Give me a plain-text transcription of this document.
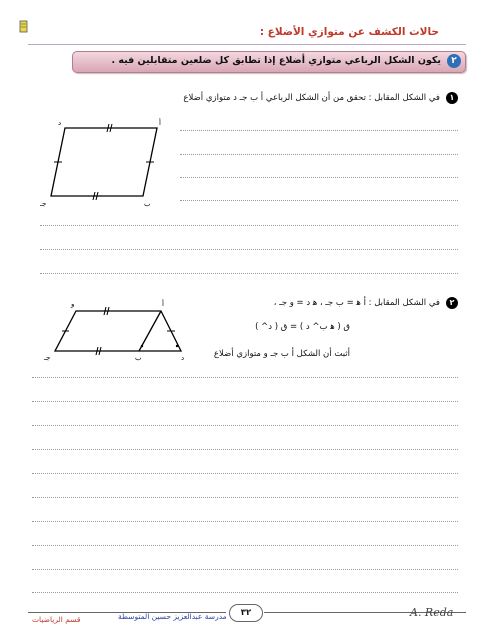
حالات الكشف عن متوازي الأضلاع :
٢
يكون الشكل الرباعي متوازي أضلاع إذا تطابق كل ضلعين متقابلين فيه .
١
في الشكل المقابل : تحقق من أن الشكل الرباعي أ ب جـ د متوازي أضلاع
أ
د
جـ	ب
٢
في الشكل المقابل : ﺃ ﻫ = ﺏ ﺟـ ، ﻫ ﺩ = ﻭ ﺟـ ،
ق ( ﻫ ﺏ^ ﺩ ) = ق ( ﺩ^ )
أثبت أن الشكل ﺃ ﺏ ﺟـ ﻭ متوازي أضلاع
أ
و
جـ	ب	د
٣٢
مدرسة عبدالعزيز حسين المتوسطة
قسم الرياضيات
A. Reda
